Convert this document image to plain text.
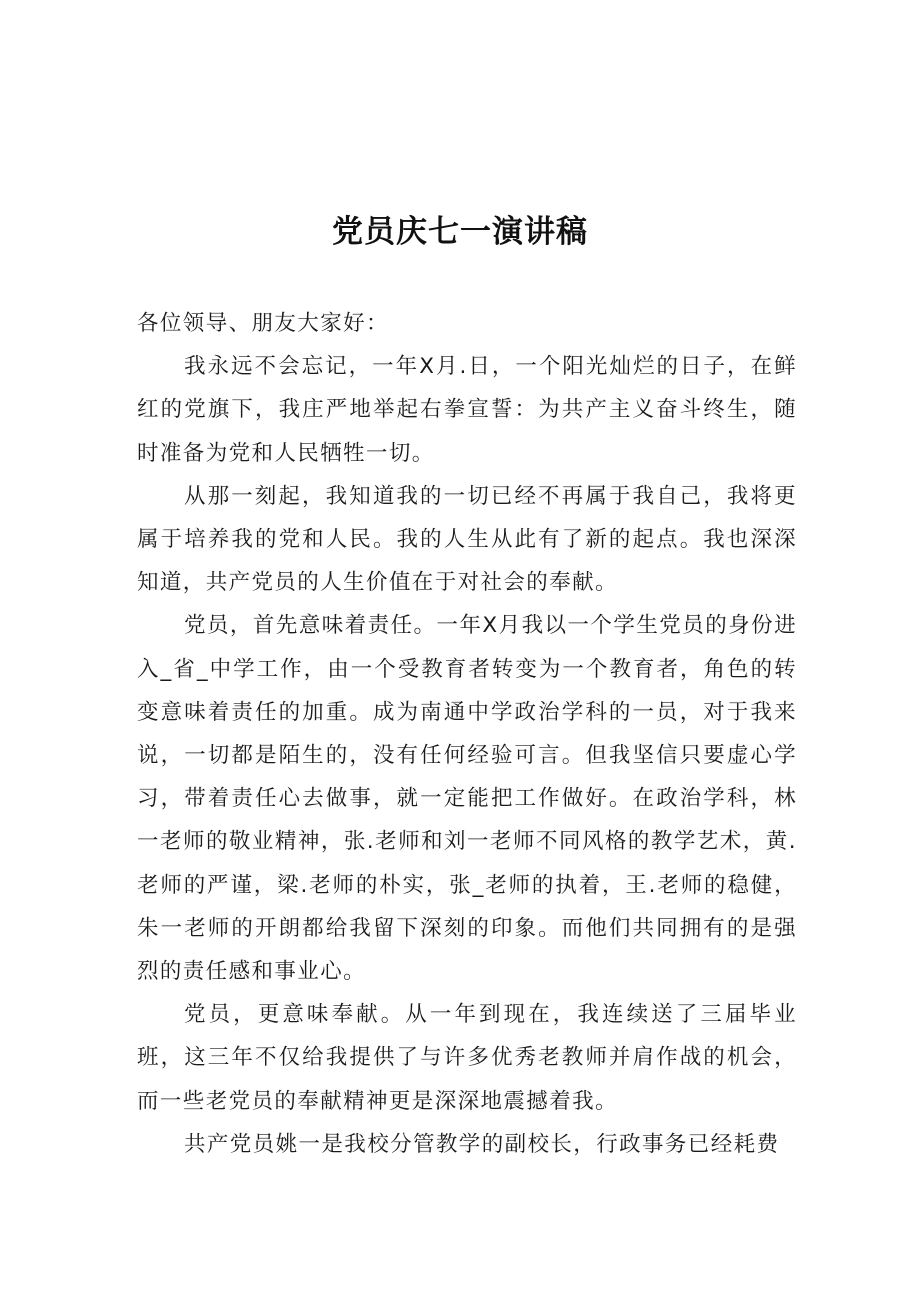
党员庆七一演讲稿

各位领导、朋友大家好：

我永远不会忘记，一年X月.日，一个阳光灿烂的日子，在鲜红的党旗下，我庄严地举起右拳宣誓：为共产主义奋斗终生，随时准备为党和人民牺牲一切。

从那一刻起，我知道我的一切已经不再属于我自己，我将更属于培养我的党和人民。我的人生从此有了新的起点。我也深深知道，共产党员的人生价值在于对社会的奉献。

党员，首先意味着责任。一年X月我以一个学生党员的身份进入_省_中学工作，由一个受教育者转变为一个教育者，角色的转变意味着责任的加重。成为南通中学政治学科的一员，对于我来说，一切都是陌生的，没有任何经验可言。但我坚信只要虚心学习，带着责任心去做事，就一定能把工作做好。在政治学科，林一老师的敬业精神，张.老师和刘一老师不同风格的教学艺术，黄.老师的严谨，梁.老师的朴实，张_老师的执着，王.老师的稳健，朱一老师的开朗都给我留下深刻的印象。而他们共同拥有的是强烈的责任感和事业心。

党员，更意味奉献。从一年到现在，我连续送了三届毕业班，这三年不仅给我提供了与许多优秀老教师并肩作战的机会，而一些老党员的奉献精神更是深深地震撼着我。

共产党员姚一是我校分管教学的副校长，行政事务已经耗费
